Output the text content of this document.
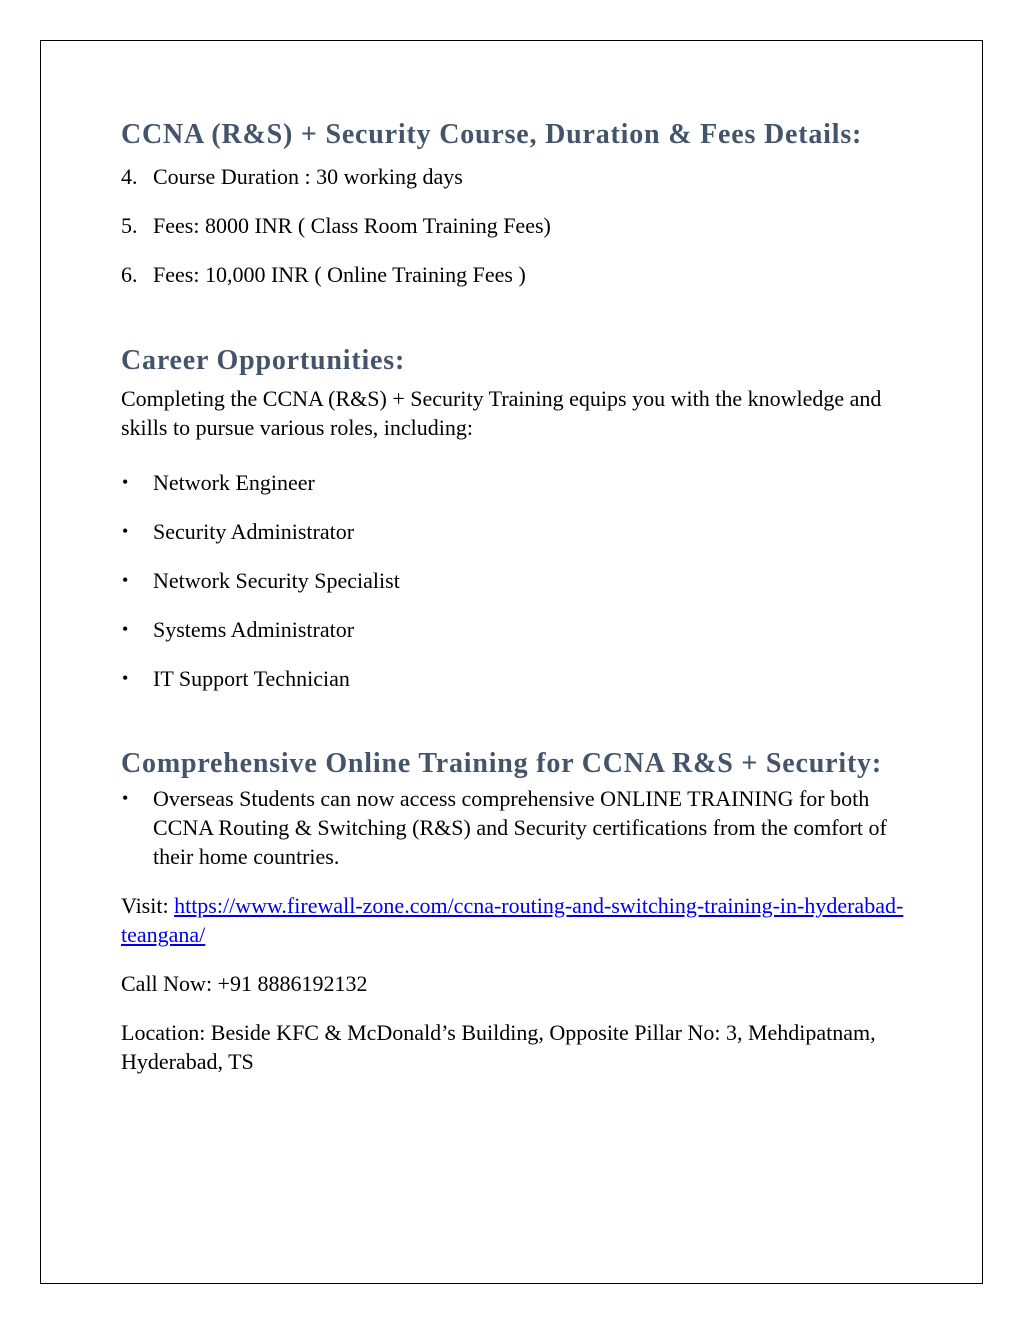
CCNA (R&S) + Security Course, Duration & Fees Details:
4. Course Duration : 30 working days
5. Fees: 8000 INR ( Class Room Training Fees)
6. Fees: 10,000 INR ( Online Training Fees )
Career Opportunities:

Completing the CCNA (R&S) + Security Training equips you with the knowledge and skills to pursue various roles, including:

• Network Engineer
• Security Administrator
• Network Security Specialist
• Systems Administrator
• IT Support Technician
Comprehensive Online Training for CCNA R&S + Security:
• Overseas Students can now access comprehensive ONLINE TRAINING for both CCNA Routing & Switching (R&S) and Security certifications from the comfort of their home countries.

Visit: https://www.firewall-zone.com/ccna-routing-and-switching-training-in-hyderabad-teangana/

Call Now: +91 8886192132

Location: Beside KFC & McDonald’s Building, Opposite Pillar No: 3, Mehdipatnam, Hyderabad, TS
